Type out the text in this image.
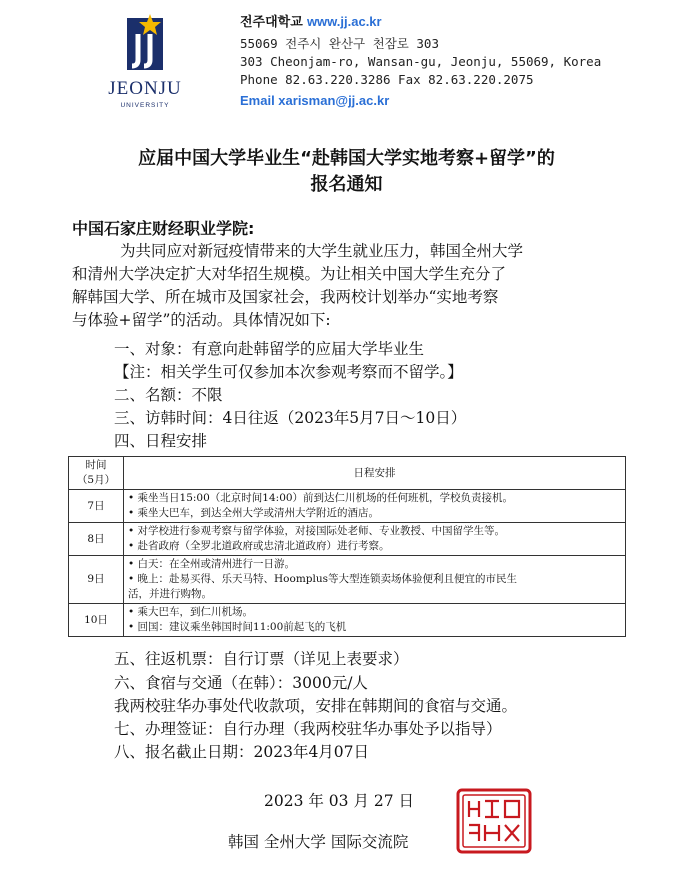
JEONJU
UNIVERSITY
전주대학교 www.jj.ac.kr
55069 전주시 완산구 천잠로 303
303 Cheonjam-ro, Wansan-gu, Jeonju, 55069, Korea
Phone 82.63.220.3286 Fax 82.63.220.2075
Email xarisman@jj.ac.kr
应届中国大学毕业生“赴韩国大学实地考察+留学”的
报名通知
中国石家庄财经职业学院:
为共同应对新冠疫情带来的大学生就业压力，韩国全州大学
和清州大学决定扩大对华招生规模。为让相关中国大学生充分了
解韩国大学、所在城市及国家社会，我两校计划举办“实地考察
与体验+留学”的活动。具体情况如下:
一、对象：有意向赴韩留学的应届大学毕业生
【注：相关学生可仅参加本次参观考察而不留学。】
二、名额：不限
三、访韩时间：4日往返（2023年5月7日～10日）
四、日程安排
时间
（5月）	日程安排
7日	• 乘坐当日15:00（北京时间14:00）前到达仁川机场的任何班机，学校负责接机。
• 乘坐大巴车，到达全州大学或清州大学附近的酒店。

8日	• 对学校进行参观考察与留学体验，对接国际处老师、专业教授、中国留学生等。
• 赴省政府（全罗北道政府或忠清北道政府）进行考察。

9日	• 白天：在全州或清州进行一日游。
• 晚上：赴易买得、乐天马特、Hoomplus等大型连锁卖场体验便利且便宜的市民生
活，并进行购物。

10日	• 乘大巴车，到仁川机场。
• 回国：建议乘坐韩国时间11:00前起飞的飞机
五、往返机票：自行订票（详见上表要求）
六、食宿与交通（在韩）：3000元/人
我两校驻华办事处代收款项，安排在韩期间的食宿与交通。
七、办理签证：自行办理（我两校驻华办事处予以指导）
八、报名截止日期：2023年4月07日
2023 年 03 月 27 日
韩国 全州大学 国际交流院
